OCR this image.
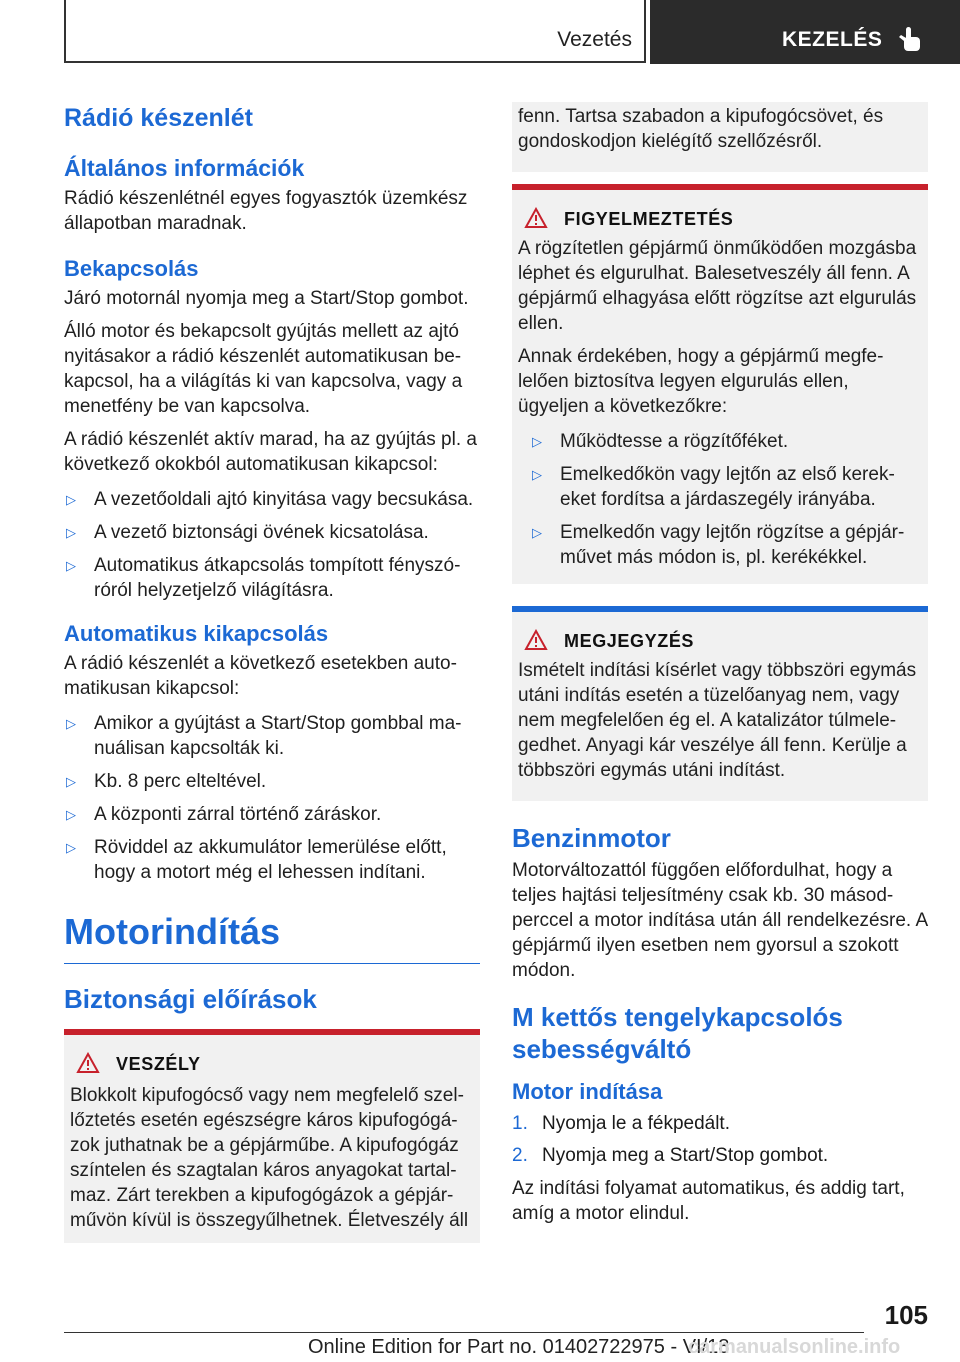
Vezetés	KEZELÉS
Rádió készenlét
Általános információk

Rádió készenlétnél egyes fogyasztók üzemkész állapotban maradnak.

Bekapcsolás

Járó motornál nyomja meg a Start/Stop gombot.

Álló motor és bekapcsolt gyújtás mellett az ajtó nyitásakor a rádió készenlét automatikusan be-kapcsol, ha a világítás ki van kapcsolva, vagy a menetfény be van kapcsolva.

A rádió készenlét aktív marad, ha az gyújtás pl. a következő okokból automatikusan kikapcsol:

▷ A vezetőoldali ajtó kinyitása vagy becsukása.
▷ A vezető biztonsági övének kicsatolása.
▷ Automatikus átkapcsolás tompított fényszó-róról helyzetjelző világításra.
Automatikus kikapcsolás

A rádió készenlét a következő esetekben auto-matikusan kikapcsol:

▷ Amikor a gyújtást a Start/Stop gombbal ma-nuálisan kapcsolták ki.
▷ Kb. 8 perc elteltével.
▷ A központi zárral történő záráskor.
▷ Röviddel az akkumulátor lemerülése előtt, hogy a motort még el lehessen indítani.
Motorindítás
Biztonsági előírások
VESZÉLY

Blokkolt kipufogócső vagy nem megfelelő szel-lőztetés esetén egészségre káros kipufogógá-zok juthatnak be a gépjárműbe. A kipufogógáz színtelen és szagtalan káros anyagokat tartal-maz. Zárt terekben a kipufogógázok a gépjár-művön kívül is összegyűlhetnek. Életveszély áll

fenn. Tartsa szabadon a kipufogócsövet, és gondoskodjon kielégítő szellőzésről.

FIGYELMEZTETÉS

A rögzítetlen gépjármű önműködően mozgásba léphet és elgurulhat. Balesetveszély áll fenn. A gépjármű elhagyása előtt rögzítse azt elgurulás ellen.

Annak érdekében, hogy a gépjármű megfe-lelően biztosítva legyen elgurulás ellen, ügyeljen a következőkre:

▷ Működtesse a rögzítőféket.
▷ Emelkedőkön vagy lejtőn az első kerek-eket fordítsa a járdaszegély irányába.
▷ Emelkedőn vagy lejtőn rögzítse a gépjár-művet más módon is, pl. kerékékkel.
MEGJEGYZÉS

Ismételt indítási kísérlet vagy többszöri egymás utáni indítás esetén a tüzelőanyag nem, vagy nem megfelelően ég el. A katalizátor túlmele-gedhet. Anyagi kár veszélye áll fenn. Kerülje a többszöri egymás utáni indítást.

Benzinmotor

Motorváltozattól függően előfordulhat, hogy a teljes hajtási teljesítmény csak kb. 30 másod-perccel a motor indítása után áll rendelkezésre. A gépjármű ilyen esetben nem gyorsul a szokott módon.

M kettős tengelykapcsolós sebességváltó
Motor indítása
1. Nyomja le a fékpedált.
2. Nyomja meg a Start/Stop gombot.

Az indítási folyamat automatikus, és addig tart, amíg a motor elindul.

105
Online Edition for Part no. 01402722975 - VI/18
carmanualsonline.info
